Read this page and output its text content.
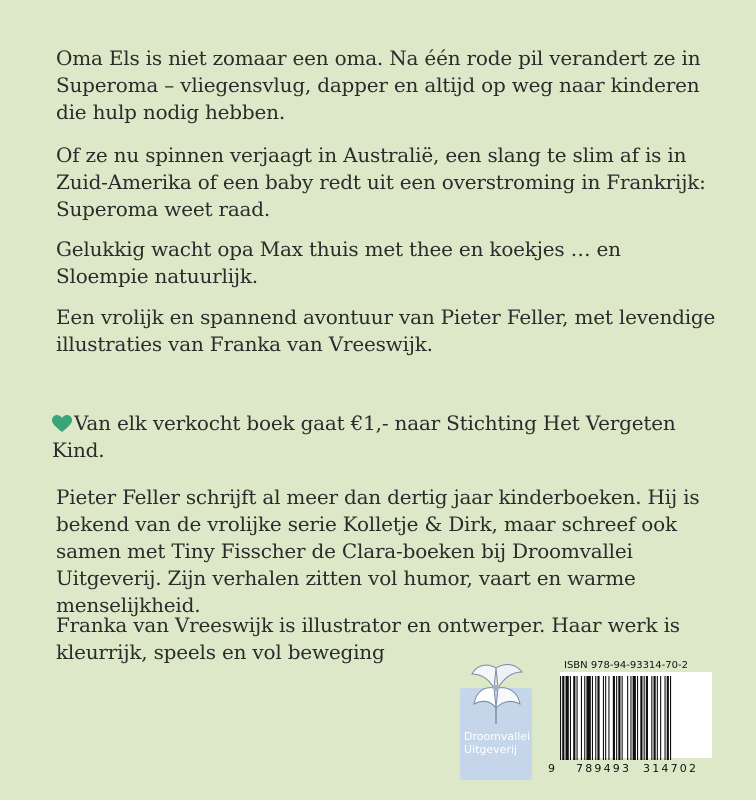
Oma Els is niet zomaar een oma. Na één rode pil verandert ze in Superoma – vliegensvlug, dapper en altijd op weg naar kinderen die hulp nodig hebben.

Of ze nu spinnen verjaagt in Australië, een slang te slim af is in Zuid-Amerika of een baby redt uit een overstroming in Frankrijk: Superoma weet raad.

Gelukkig wacht opa Max thuis met thee en koekjes … en Sloempie natuurlijk.

Een vrolijk en spannend avontuur van Pieter Feller, met levendige illustraties van Franka van Vreeswijk.

Van elk verkocht boek gaat €1,- naar Stichting Het Vergeten Kind.

Pieter Feller schrijft al meer dan dertig jaar kinderboeken. Hij is bekend van de vrolijke serie Kolletje & Dirk, maar schreef ook samen met Tiny Fisscher de Clara-boeken bij Droomvallei Uitgeverij. Zijn verhalen zitten vol humor, vaart en warme menselijkheid.

Franka van Vreeswijk is illustrator en ontwerper. Haar werk is kleurrijk, speels en vol beweging

Droomvallei
Uitgeverij
ISBN 978-94-93314-70-2
9 789493 314702
